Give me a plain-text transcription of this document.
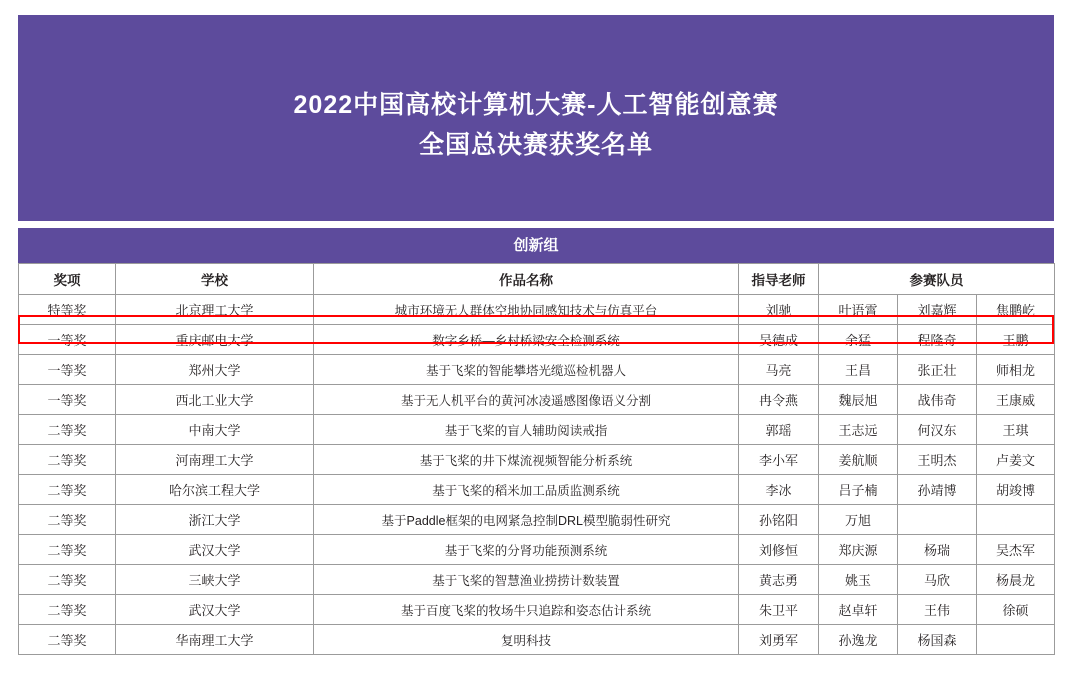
2022中国高校计算机大赛-人工智能创意赛
全国总决赛获奖名单
创新组
奖项	学校	作品名称	指导老师	参赛队员		
特等奖	北京理工大学	城市环境无人群体空地协同感知技术与仿真平台	刘驰	叶语霄	刘嘉辉	焦鹏屹
一等奖	重庆邮电大学	数字乡桥—乡村桥梁安全检测系统	吴德成	余猛	程隆奇	王鹏
一等奖	郑州大学	基于飞桨的智能攀塔光缆巡检机器人	马亮	王昌	张正壮	师相龙
一等奖	西北工业大学	基于无人机平台的黄河冰凌遥感图像语义分割	冉令燕	魏辰旭	战伟奇	王康威
二等奖	中南大学	基于飞桨的盲人辅助阅读戒指	郭瑶	王志远	何汉东	王琪
二等奖	河南理工大学	基于飞桨的井下煤流视频智能分析系统	李小军	姜航顺	王明杰	卢姜文
二等奖	哈尔滨工程大学	基于飞桨的稻米加工品质监测系统	李冰	吕子楠	孙靖博	胡竣博
二等奖	浙江大学	基于Paddle框架的电网紧急控制DRL模型脆弱性研究	孙铭阳	万旭		
二等奖	武汉大学	基于飞桨的分肾功能预测系统	刘修恒	郑庆源	杨瑞	吴杰军
二等奖	三峡大学	基于飞桨的智慧渔业捞捞计数装置	黄志勇	姚玉	马欣	杨晨龙
二等奖	武汉大学	基于百度飞桨的牧场牛只追踪和姿态估计系统	朱卫平	赵卓轩	王伟	徐硕
二等奖	华南理工大学	复明科技	刘勇军	孙逸龙	杨国森	
